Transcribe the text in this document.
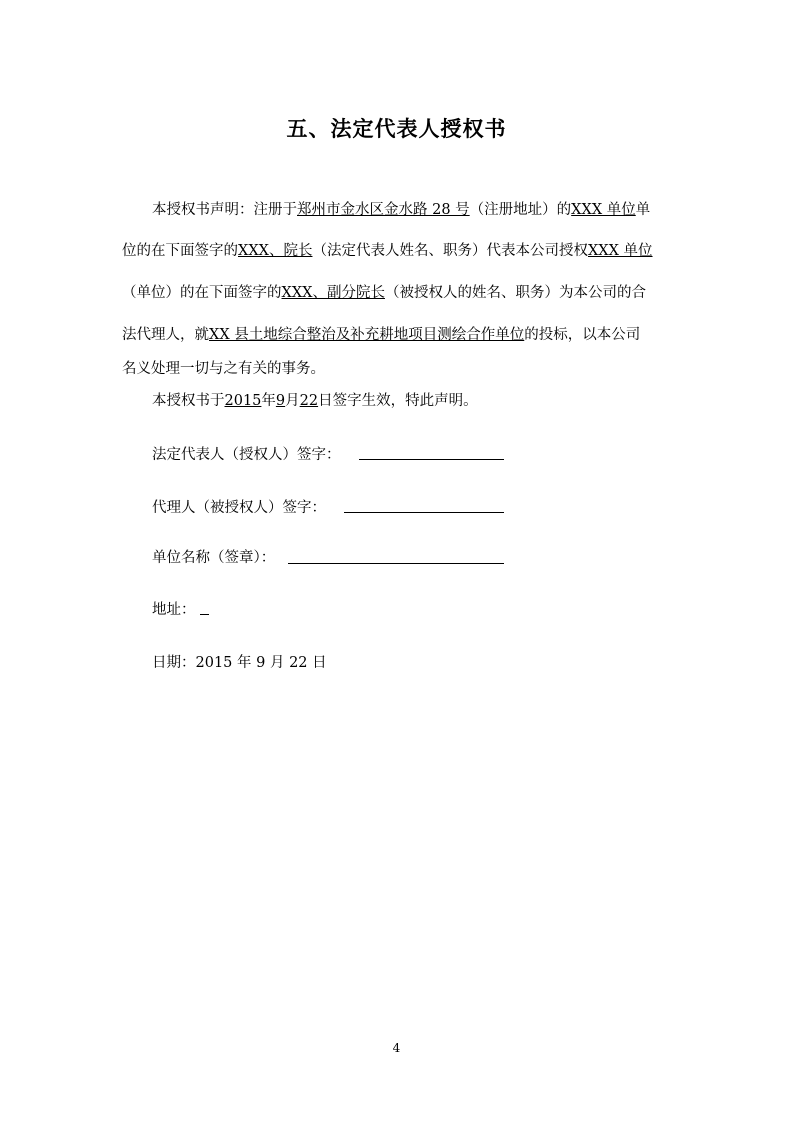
五、法定代表人授权书
本授权书声明：注册于郑州市金水区金水路 28 号（注册地址）的XXX 单位单
位的在下面签字的XXX、院长（法定代表人姓名、职务）代表本公司授权XXX 单位
（单位）的在下面签字的XXX、副分院长（被授权人的姓名、职务）为本公司的合
法代理人，就XX 县土地综合整治及补充耕地项目测绘合作单位的投标，以本公司
名义处理一切与之有关的事务。
本授权书于2015年9月22日签字生效，特此声明。
法定代表人（授权人）签字：
代理人（被授权人）签字：
单位名称（签章）：
地址：
日期：2015 年 9 月 22 日
4
